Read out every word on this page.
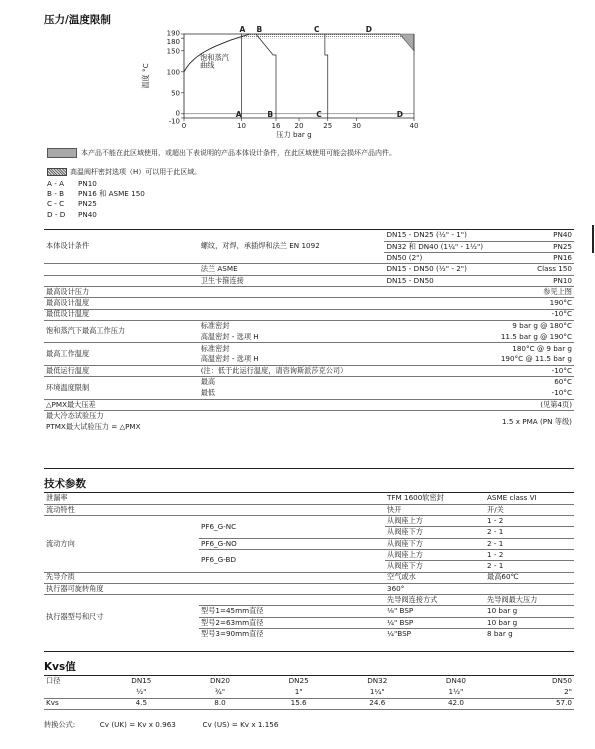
压力/温度限制
A B	C	D
A	B	C	D
-10
0
50
100
150
180
190
0	10	16 20	25	30	40
压力 bar g
温度 °C
饱和蒸汽
曲线
本产品不能在此区域使用，或超出下表说明的产品本体设计条件，在此区域使用可能会损坏产品内件。
高温阀杆密封选项（H）可以用于此区域。
A - A PN10
B - B PN16 和 ASME 150
C - C PN25
D - D PN40
本体设计条件	螺纹，对焊，承插焊和法兰 EN 1092	DN15 - DN25 (½" - 1")	PN40
		DN32 和 DN40 (1¼" - 1½")	PN25
		DN50 (2")	PN16
	法兰 ASME	DN15 - DN50 (½" - 2")	Class 150
	卫生卡箍连接	DN15 - DN50	PN10
最高设计压力			参见上图
最高设计温度			190°C
最低设计温度			-10°C
饱和蒸汽下最高工作压力	标准密封		9 bar g @ 180°C
	高温密封 - 选项 H		11.5 bar g @ 190°C
最高工作温度	标准密封		180°C @ 9 bar g
	高温密封 - 选项 H		190°C @ 11.5 bar g
最低运行温度	(注：低于此运行温度，请咨询斯派莎克公司）		-10°C
环境温度限制	最高		60°C
	最低		-10°C
△PMX最大压差			(见第4页)
最大冷态试验压力			1.5 x PMA (PN 等级)
PTMX最大试验压力 = △PMX			
技术参数
泄漏率		TFM 1600软密封	ASME class VI
流动特性		快开	开/关
流动方向	PF6_G-NC	从阀座上方	1 - 2
		从阀座下方	2 - 1
	PF6_G-NO	从阀座下方	2 - 1
	PF6_G-BD	从阀座上方	1 - 2
		从阀座下方	2 - 1
先导介质		空气或水	最高60℃
执行器可旋转角度		360°	
执行器型号和尺寸		先导阀连接方式	先导阀最大压力
	型号1=45mm直径	⅛" BSP	10 bar g
	型号2=63mm直径	¼" BSP	10 bar g
	型号3=90mm直径	¼"BSP	8 bar g
Kvs值
口径	DN15	DN20	DN25	DN32	DN40	DN50
	½"	¾"	1"	1¼"	1½"	2"
Kvs	4.5	8.0	15.6	24.6	42.0	57.0
转换公式:	Cv (UK) = Kv x 0.963	Cv (US) = Kv x 1.156
